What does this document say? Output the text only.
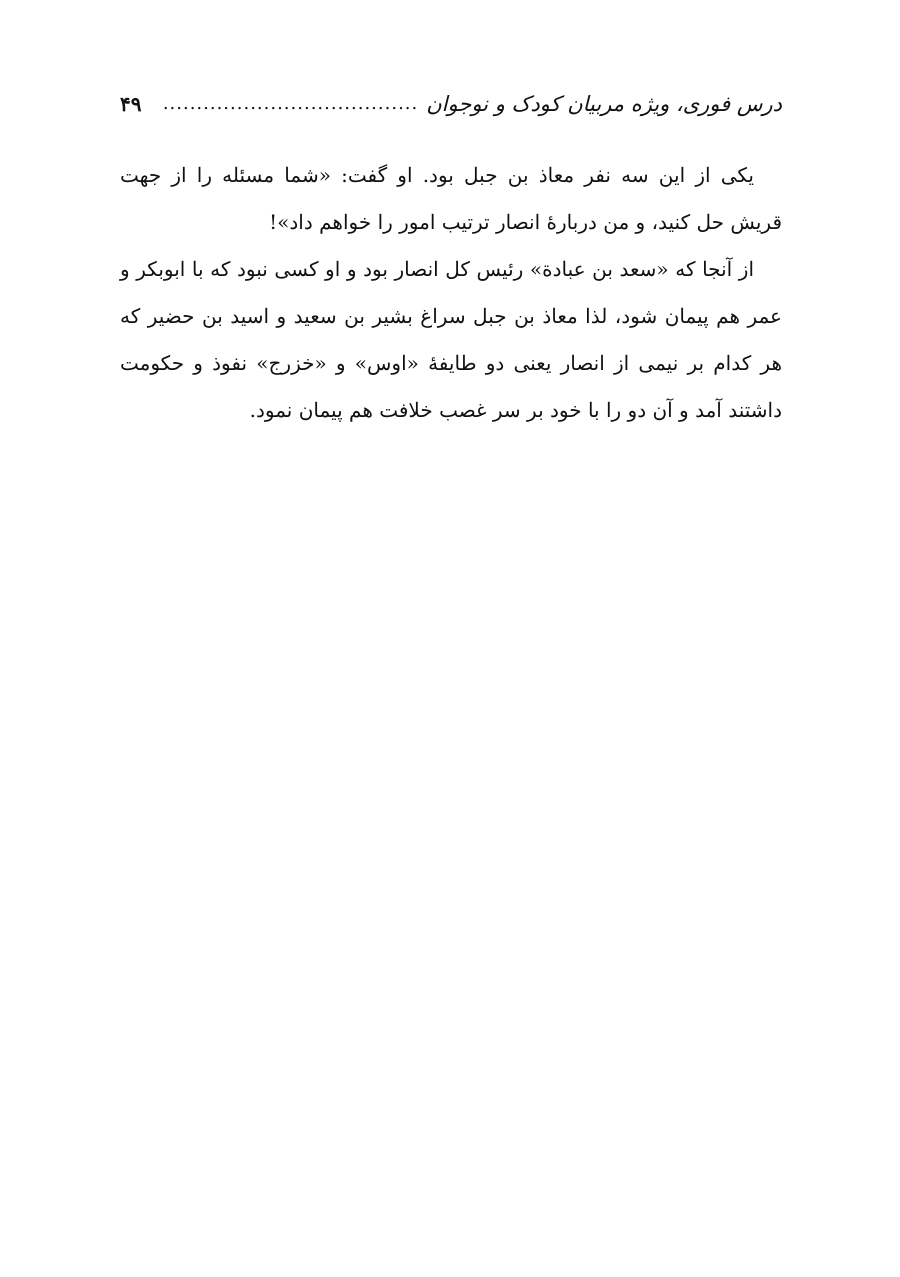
درس فوری، ویژه مربیان کودک و نوجوان
......................................
۴۹

یکی از این سه نفر معاذ بن جبل بود. او گفت: «شما مسئله را از جهت قریش حل کنید، و من دربارۀ انصار ترتیب امور را خواهم داد»!

از آنجا که «سعد بن عبادة» رئیس کل انصار بود و او کسی نبود که با ابوبکر و عمر هم پیمان شود، لذا معاذ بن جبل سراغ بشیر بن سعید و اسید بن حضیر که هر کدام بر نیمی از انصار یعنی دو طایفۀ «اوس» و «خزرج» نفوذ و حکومت داشتند آمد و آن دو را با خود بر سر غصب خلافت هم پیمان نمود.
